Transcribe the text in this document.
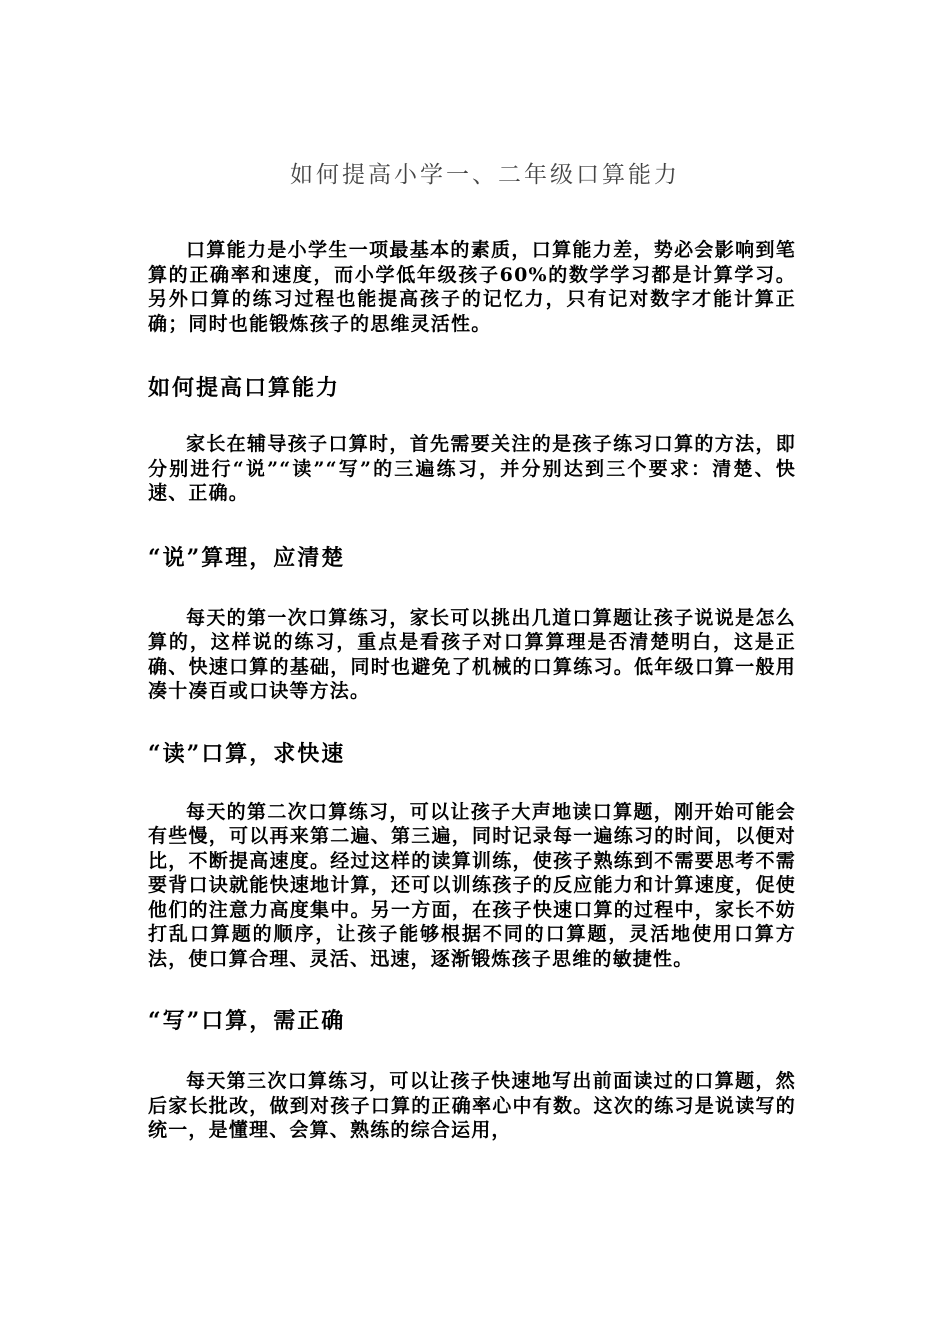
如何提高小学一、二年级口算能力

口算能力是小学生一项最基本的素质，口算能力差，势必会影响到笔算的正确率和速度，而小学低年级孩子60%的数学学习都是计算学习。另外口算的练习过程也能提高孩子的记忆力，只有记对数字才能计算正确；同时也能锻炼孩子的思维灵活性。

如何提高口算能力

家长在辅导孩子口算时，首先需要关注的是孩子练习口算的方法，即分别进行“说”“读”“写”的三遍练习，并分别达到三个要求：清楚、快速、正确。

“说”算理，应清楚

每天的第一次口算练习，家长可以挑出几道口算题让孩子说说是怎么算的，这样说的练习，重点是看孩子对口算算理是否清楚明白，这是正确、快速口算的基础，同时也避免了机械的口算练习。低年级口算一般用凑十凑百或口诀等方法。

“读”口算，求快速

每天的第二次口算练习，可以让孩子大声地读口算题，刚开始可能会有些慢，可以再来第二遍、第三遍，同时记录每一遍练习的时间，以便对比，不断提高速度。经过这样的读算训练，使孩子熟练到不需要思考不需要背口诀就能快速地计算，还可以训练孩子的反应能力和计算速度，促使他们的注意力高度集中。另一方面，在孩子快速口算的过程中，家长不妨打乱口算题的顺序，让孩子能够根据不同的口算题，灵活地使用口算方法，使口算合理、灵活、迅速，逐渐锻炼孩子思维的敏捷性。

“写”口算，需正确

每天第三次口算练习，可以让孩子快速地写出前面读过的口算题，然后家长批改，做到对孩子口算的正确率心中有数。这次的练习是说读写的统一，是懂理、会算、熟练的综合运用，
